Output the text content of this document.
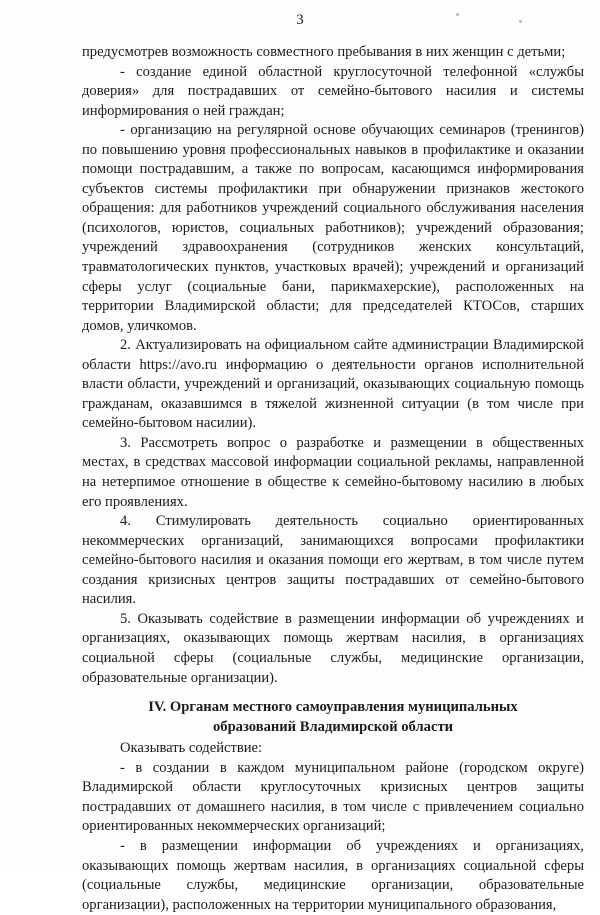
3

предусмотрев возможность совместного пребывания в них женщин с детьми;

- создание единой областной круглосуточной телефонной «службы доверия» для пострадавших от семейно-бытового насилия и системы информирования о ней граждан;

- организацию на регулярной основе обучающих семинаров (тренингов) по повышению уровня профессиональных навыков в профилактике и оказании помощи пострадавшим, а также по вопросам, касающимся информирования субъектов системы профилактики при обнаружении признаков жестокого обращения: для работников учреждений социального обслуживания населения (психологов, юристов, социальных работников); учреждений образования; учреждений здравоохранения (сотрудников женских консультаций, травматологических пунктов, участковых врачей); учреждений и организаций сферы услуг (социальные бани, парикмахерские), расположенных на территории Владимирской области; для председателей КТОСов, старших домов, уличкомов.

2. Актуализировать на официальном сайте администрации Владимирской области https://avo.ru информацию о деятельности органов исполнительной власти области, учреждений и организаций, оказывающих социальную помощь гражданам, оказавшимся в тяжелой жизненной ситуации (в том числе при семейно-бытовом насилии).

3. Рассмотреть вопрос о разработке и размещении в общественных местах, в средствах массовой информации социальной рекламы, направленной на нетерпимое отношение в обществе к семейно-бытовому насилию в любых его проявлениях.

4. Стимулировать деятельность социально ориентированных некоммерческих организаций, занимающихся вопросами профилактики семейно-бытового насилия и оказания помощи его жертвам, в том числе путем создания кризисных центров защиты пострадавших от семейно-бытового насилия.

5. Оказывать содействие в размещении информации об учреждениях и организациях, оказывающих помощь жертвам насилия, в организациях социальной сферы (социальные службы, медицинские организации, образовательные организации).

IV. Органам местного самоуправления муниципальных
образований Владимирской области

Оказывать содействие:

- в создании в каждом муниципальном районе (городском округе) Владимирской области круглосуточных кризисных центров защиты пострадавших от домашнего насилия, в том числе с привлечением социально ориентированных некоммерческих организаций;

- в размещении информации об учреждениях и организациях, оказывающих помощь жертвам насилия, в организациях социальной сферы (социальные службы, медицинские организации, образовательные организации), расположенных на территории муниципального образования,
